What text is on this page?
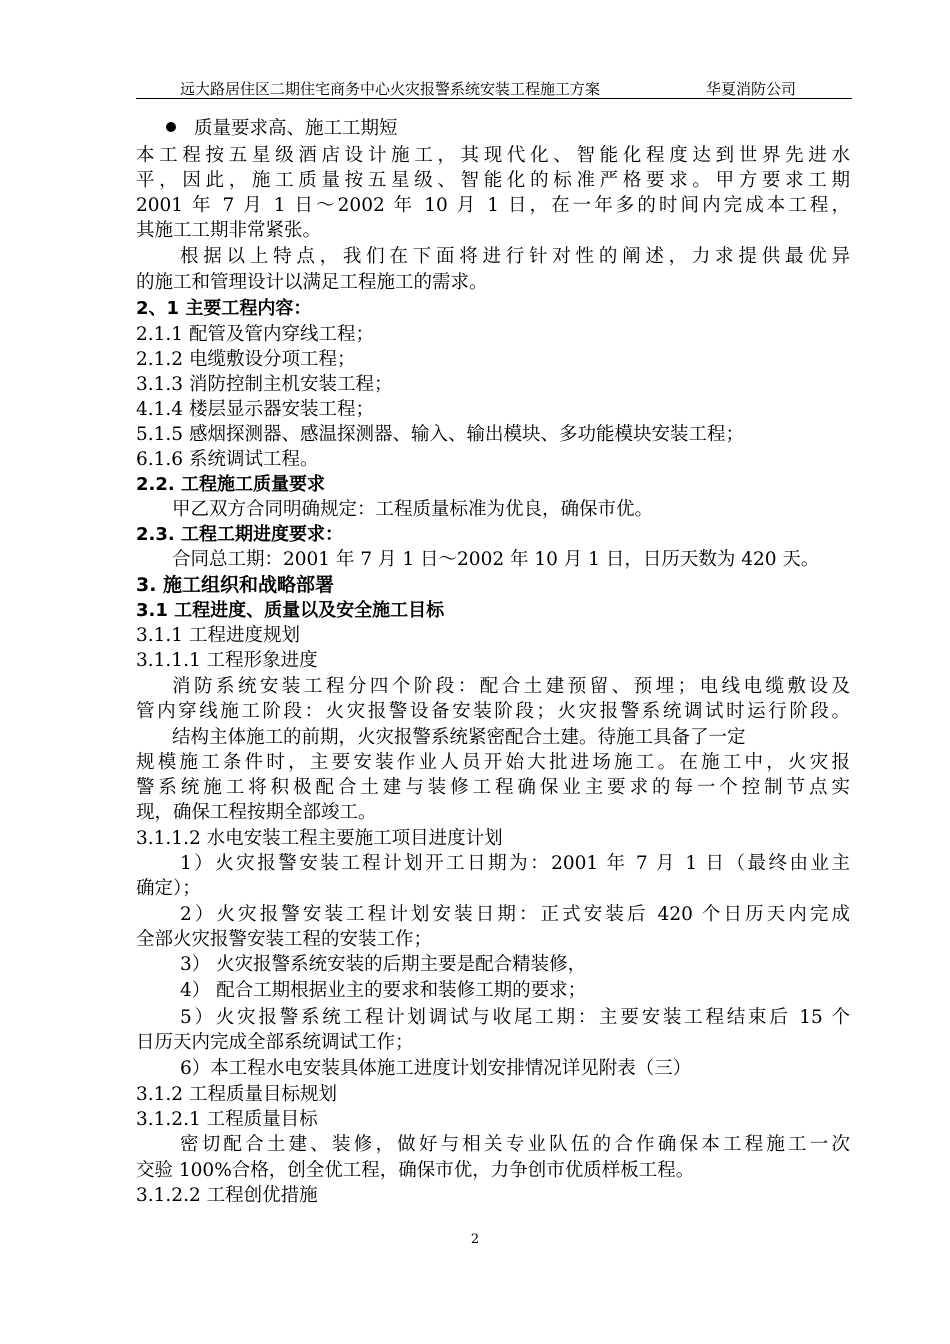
远大路居住区二期住宅商务中心火灾报警系统安装工程施工方案	华夏消防公司
质量要求高、施工工期短
本工程按五星级酒店设计施工，其现代化、智能化程度达到世界先进水
平，因此，施工质量按五星级、智能化的标准严格要求。甲方要求工期
2001 年 7 月 1 日～2002 年 10 月 1 日，在一年多的时间内完成本工程，
其施工工期非常紧张。
根据以上特点，我们在下面将进行针对性的阐述，力求提供最优异
的施工和管理设计以满足工程施工的需求。
2、1 主要工程内容：
2.1.1 配管及管内穿线工程；
2.1.2 电缆敷设分项工程；
3.1.3 消防控制主机安装工程；
4.1.4 楼层显示器安装工程；
5.1.5 感烟探测器、感温探测器、输入、输出模块、多功能模块安装工程；
6.1.6 系统调试工程。
2.2. 工程施工质量要求
甲乙双方合同明确规定：工程质量标准为优良，确保市优。
2.3. 工程工期进度要求：
合同总工期：2001 年 7 月 1 日～2002 年 10 月 1 日，日历天数为 420 天。
3. 施工组织和战略部署
3.1 工程进度、质量以及安全施工目标
3.1.1 工程进度规划
3.1.1.1 工程形象进度
消防系统安装工程分四个阶段：配合土建预留、预埋；电线电缆敷设及
管内穿线施工阶段：火灾报警设备安装阶段；火灾报警系统调试时运行阶段。
结构主体施工的前期，火灾报警系统紧密配合土建。待施工具备了一定
规模施工条件时，主要安装作业人员开始大批进场施工。在施工中，火灾报
警系统施工将积极配合土建与装修工程确保业主要求的每一个控制节点实
现，确保工程按期全部竣工。
3.1.1.2 水电安装工程主要施工项目进度计划
1）火灾报警安装工程计划开工日期为：2001 年 7 月 1 日（最终由业主
确定）；
2）火灾报警安装工程计划安装日期：正式安装后 420 个日历天内完成
全部火灾报警安装工程的安装工作；
3） 火灾报警系统安装的后期主要是配合精装修，
4） 配合工期根据业主的要求和装修工期的要求；
5）火灾报警系统工程计划调试与收尾工期：主要安装工程结束后 15 个
日历天内完成全部系统调试工作；
6）本工程水电安装具体施工进度计划安排情况详见附表（三）
3.1.2 工程质量目标规划
3.1.2.1 工程质量目标
密切配合土建、装修，做好与相关专业队伍的合作确保本工程施工一次
交验 100%合格，创全优工程，确保市优，力争创市优质样板工程。
3.1.2.2 工程创优措施
2
